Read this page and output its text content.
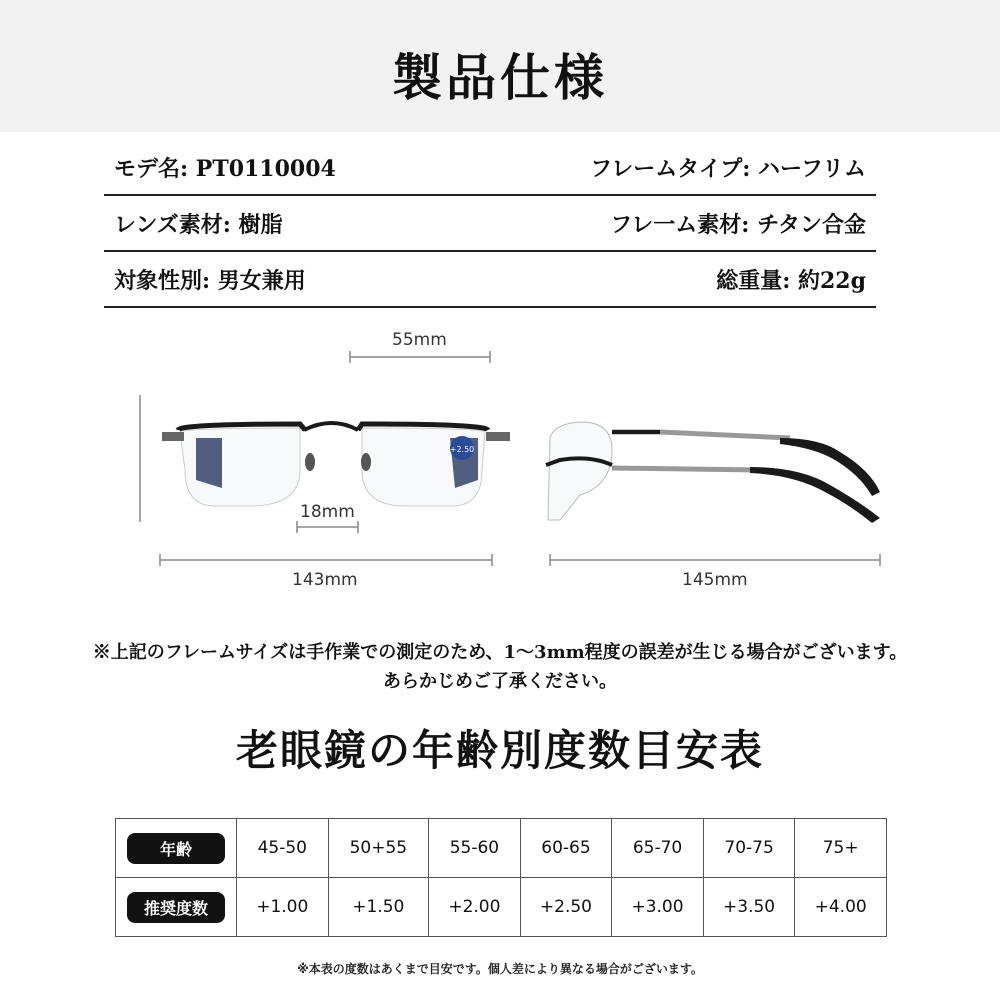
製品仕様
モデ名: PT0110004	フレームタイプ: ハーフリム
レンズ素材: 樹脂	フレ一ム素材: チタン合金
対象性別: 男女兼用	総重量: 約22g
+2.50
55mm
18mm
143mm	145mm
※上記のフレームサイズは手作業での測定のため、1～3mm程度の誤差が生じる場合がございます。
あらかじめご了承ください。
老眼鏡の年齢別度数目安表
年齢	45-50	50+55	55-60	60-65	65-70	70-75	75+
推奨度数	+1.00	+1.50	+2.00	+2.50	+3.00	+3.50	+4.00
※本表の度数はあくまで目安です。個人差により異なる場合がございます。
